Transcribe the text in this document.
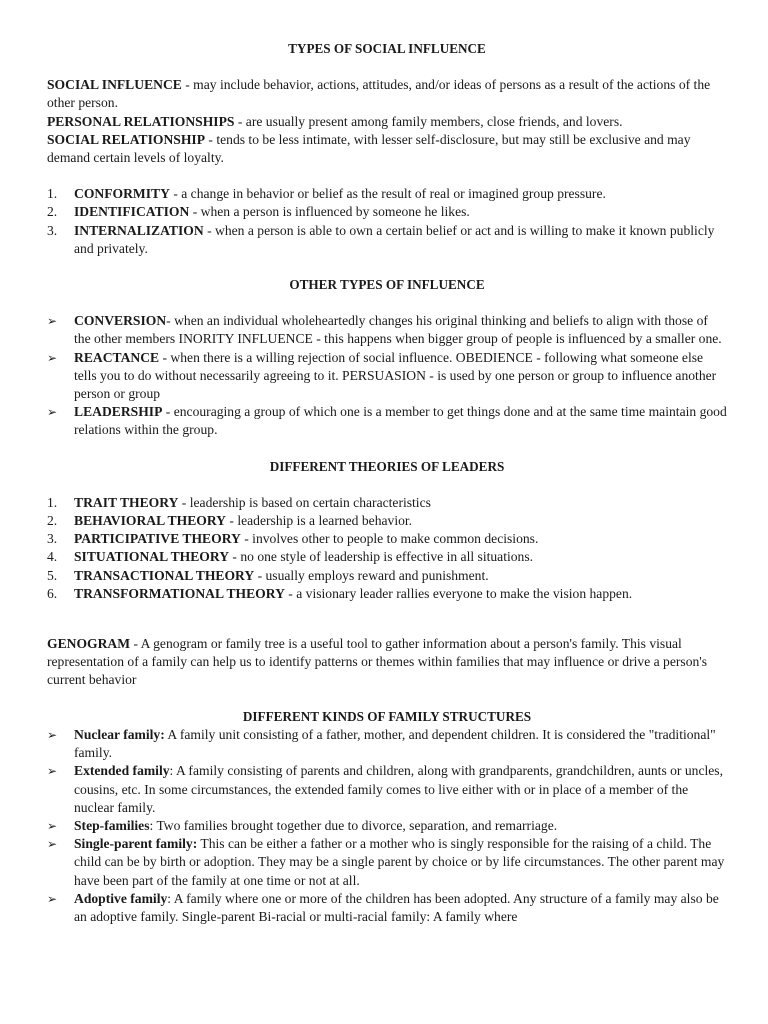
TYPES OF SOCIAL INFLUENCE

SOCIAL INFLUENCE - may include behavior, actions, attitudes, and/or ideas of persons as a result of the actions of the other person.

PERSONAL RELATIONSHIPS - are usually present among family members, close friends, and lovers.

SOCIAL RELATIONSHIP - tends to be less intimate, with lesser self-disclosure, but may still be exclusive and may demand certain levels of loyalty.

1. CONFORMITY - a change in behavior or belief as the result of real or imagined group pressure.
2. IDENTIFICATION - when a person is influenced by someone he likes.
3. INTERNALIZATION - when a person is able to own a certain belief or act and is willing to make it known publicly and privately.

OTHER TYPES OF INFLUENCE

➢ CONVERSION- when an individual wholeheartedly changes his original thinking and beliefs to align with those of the other members INORITY INFLUENCE - this happens when bigger group of people is influenced by a smaller one.
➢ REACTANCE - when there is a willing rejection of social influence. OBEDIENCE - following what someone else tells you to do without necessarily agreeing to it. PERSUASION - is used by one person or group to influence another person or group
➢ LEADERSHIP - encouraging a group of which one is a member to get things done and at the same time maintain good relations within the group.

DIFFERENT THEORIES OF LEADERS

1. TRAIT THEORY - leadership is based on certain characteristics
2. BEHAVIORAL THEORY - leadership is a learned behavior.
3. PARTICIPATIVE THEORY - involves other to people to make common decisions.
4. SITUATIONAL THEORY - no one style of leadership is effective in all situations.
5. TRANSACTIONAL THEORY - usually employs reward and punishment.
6. TRANSFORMATIONAL THEORY - a visionary leader rallies everyone to make the vision happen.

GENOGRAM - A genogram or family tree is a useful tool to gather information about a person's family. This visual representation of a family can help us to identify patterns or themes within families that may influence or drive a person's current behavior

DIFFERENT KINDS OF FAMILY STRUCTURES

➢ Nuclear family: A family unit consisting of a father, mother, and dependent children. It is considered the "traditional" family.
➢ Extended family: A family consisting of parents and children, along with grandparents, grandchildren, aunts or uncles, cousins, etc. In some circumstances, the extended family comes to live either with or in place of a member of the nuclear family.
➢ Step-families: Two families brought together due to divorce, separation, and remarriage.
➢ Single-parent family: This can be either a father or a mother who is singly responsible for the raising of a child. The child can be by birth or adoption. They may be a single parent by choice or by life circumstances. The other parent may have been part of the family at one time or not at all.
➢ Adoptive family: A family where one or more of the children has been adopted. Any structure of a family may also be an adoptive family. Single-parent Bi-racial or multi-racial family: A family where
